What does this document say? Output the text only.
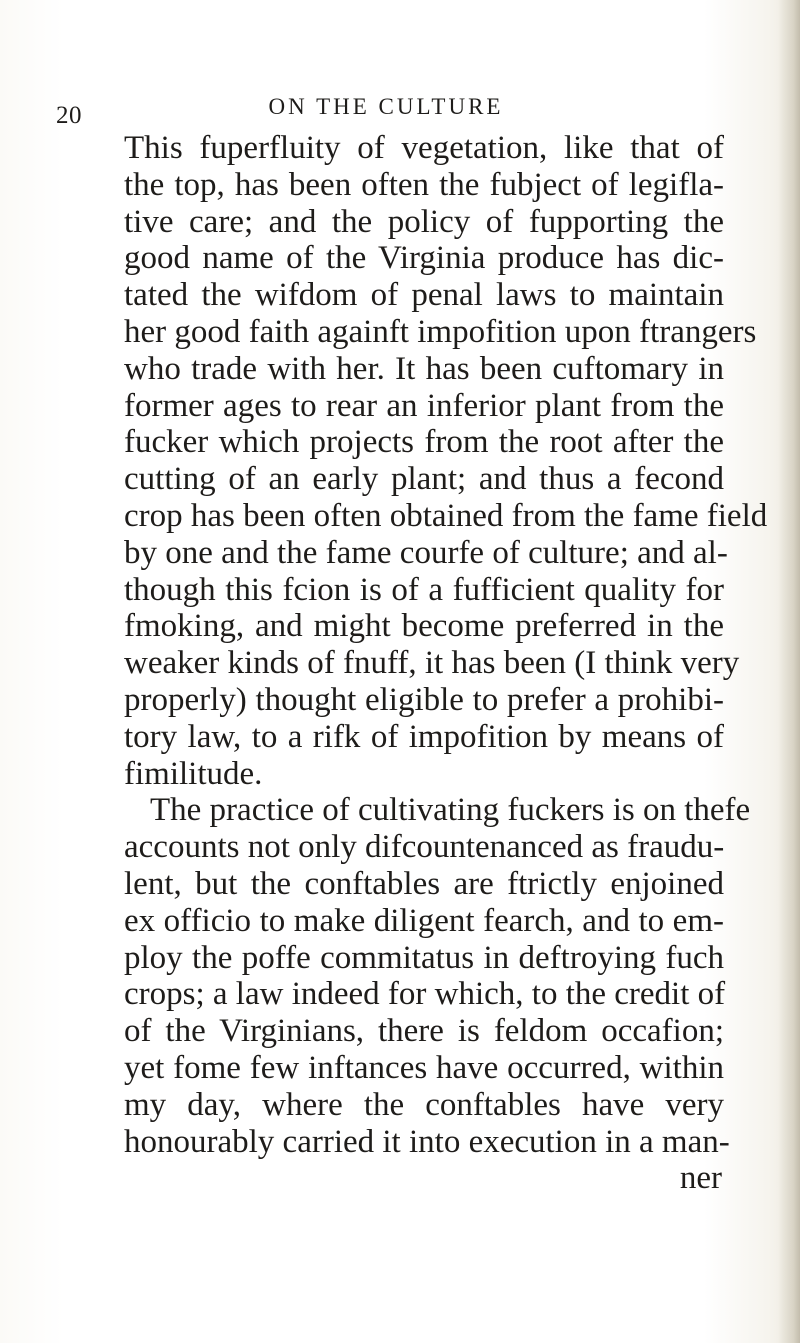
20	ON THE CULTURE
This fuperfluity of vegetation, like that of
the top, has been often the fubject of legifla-
tive care; and the policy of fupporting the
good name of the Virginia produce has dic-
tated the wifdom of penal laws to maintain
her good faith againft impofition upon ftrangers
who trade with her. It has been cuftomary in
former ages to rear an inferior plant from the
fucker which projects from the root after the
cutting of an early plant; and thus a fecond
crop has been often obtained from the fame field
by one and the fame courfe of culture; and al-
though this fcion is of a fufficient quality for
fmoking, and might become preferred in the
weaker kinds of fnuff, it has been (I think very
properly) thought eligible to prefer a prohibi-
tory law, to a rifk of impofition by means of
fimilitude.
The practice of cultivating fuckers is on thefe
accounts not only difcountenanced as fraudu-
lent, but the conftables are ftrictly enjoined
ex officio to make diligent fearch, and to em-
ploy the poffe commitatus in deftroying fuch
crops; a law indeed for which, to the credit of
of the Virginians, there is feldom occafion;
yet fome few inftances have occurred, within
my day, where the conftables have very
honourably carried it into execution in a man-
ner
